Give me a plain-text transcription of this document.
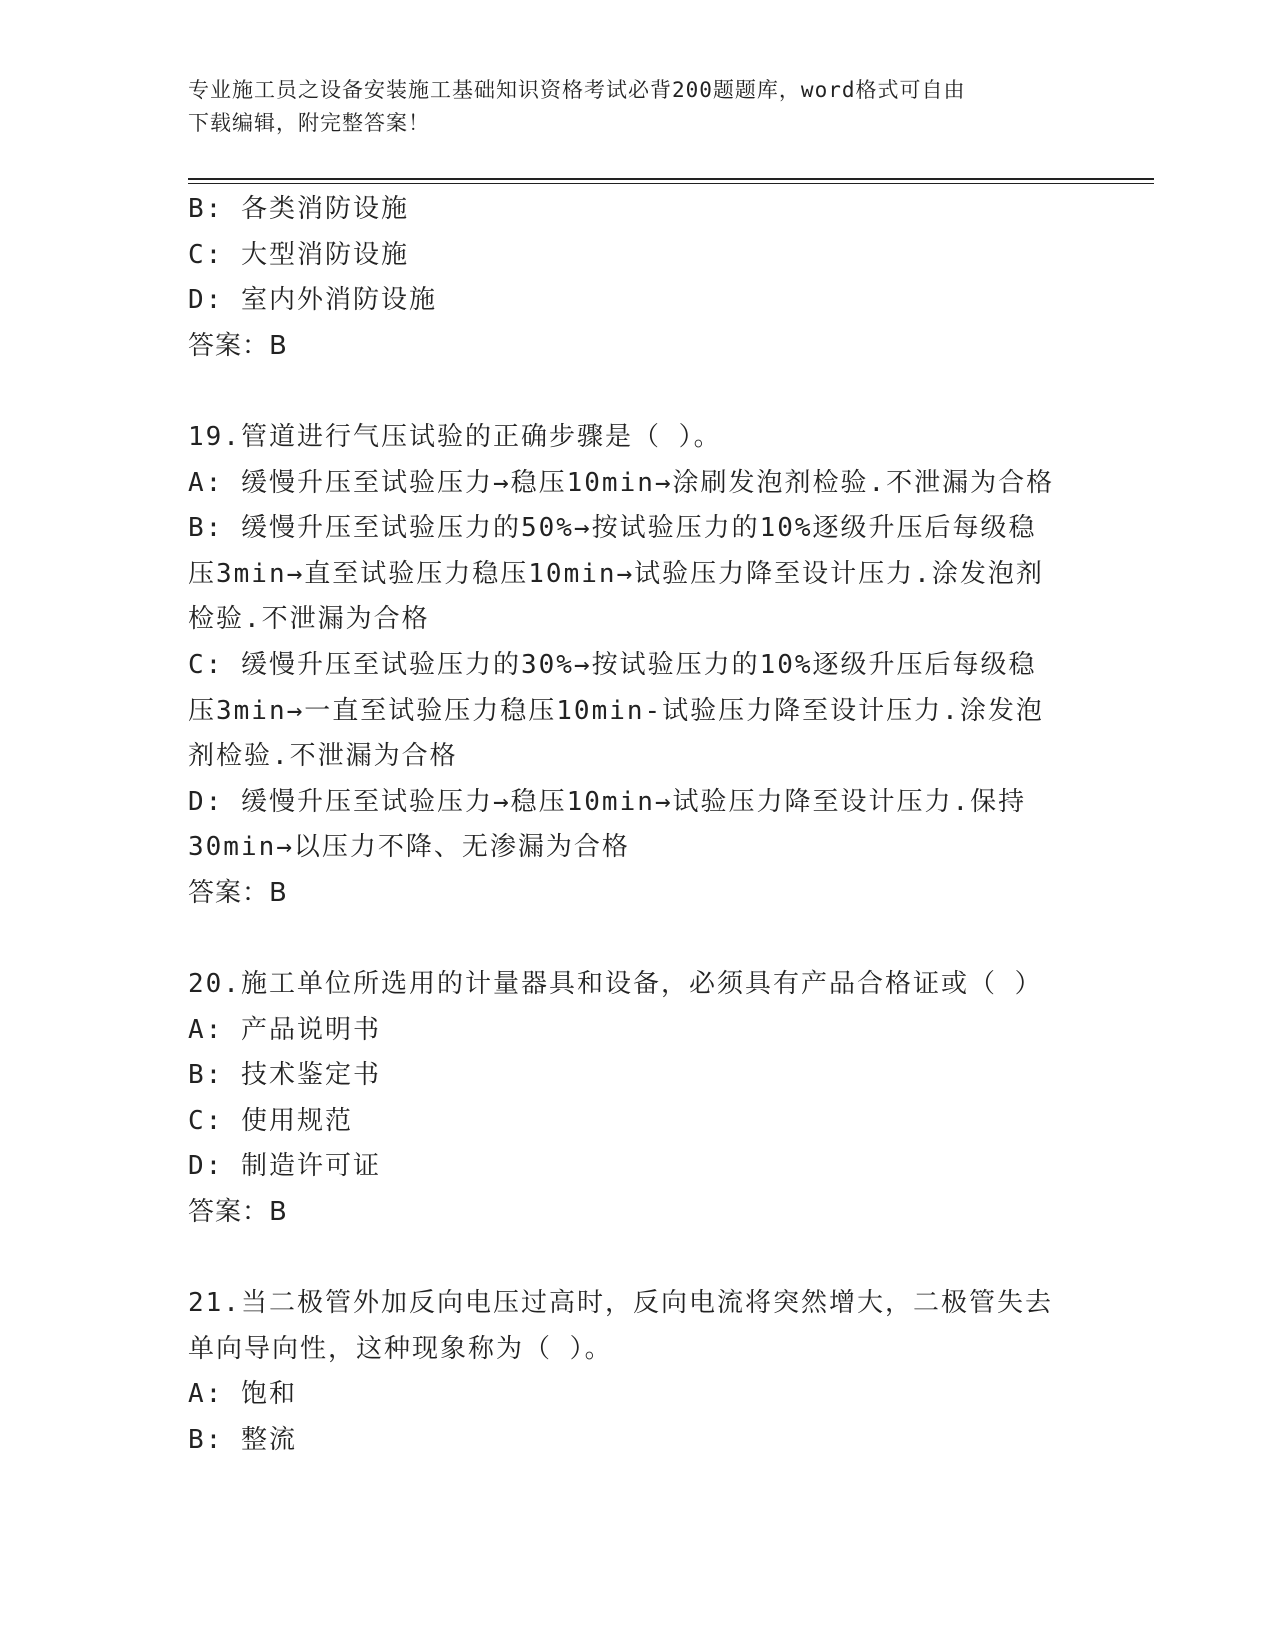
专业施工员之设备安装施工基础知识资格考试必背200题题库，word格式可自由
下载编辑，附完整答案！
B: 各类消防设施
C: 大型消防设施
D: 室内外消防设施
答案：B
19.管道进行气压试验的正确步骤是（ ）。
A: 缓慢升压至试验压力→稳压10min→涂刷发泡剂检验.不泄漏为合格
B: 缓慢升压至试验压力的50%→按试验压力的10%逐级升压后每级稳
压3min→直至试验压力稳压10min→试验压力降至设计压力.涂发泡剂
检验.不泄漏为合格
C: 缓慢升压至试验压力的30%→按试验压力的10%逐级升压后每级稳
压3min→一直至试验压力稳压10min-试验压力降至设计压力.涂发泡
剂检验.不泄漏为合格
D: 缓慢升压至试验压力→稳压10min→试验压力降至设计压力.保持
30min→以压力不降、无渗漏为合格
答案：B
20.施工单位所选用的计量器具和设备，必须具有产品合格证或（ ）
A: 产品说明书
B: 技术鉴定书
C: 使用规范
D: 制造许可证
答案：B
21.当二极管外加反向电压过高时，反向电流将突然增大，二极管失去
单向导向性，这种现象称为（ ）。
A: 饱和
B: 整流
